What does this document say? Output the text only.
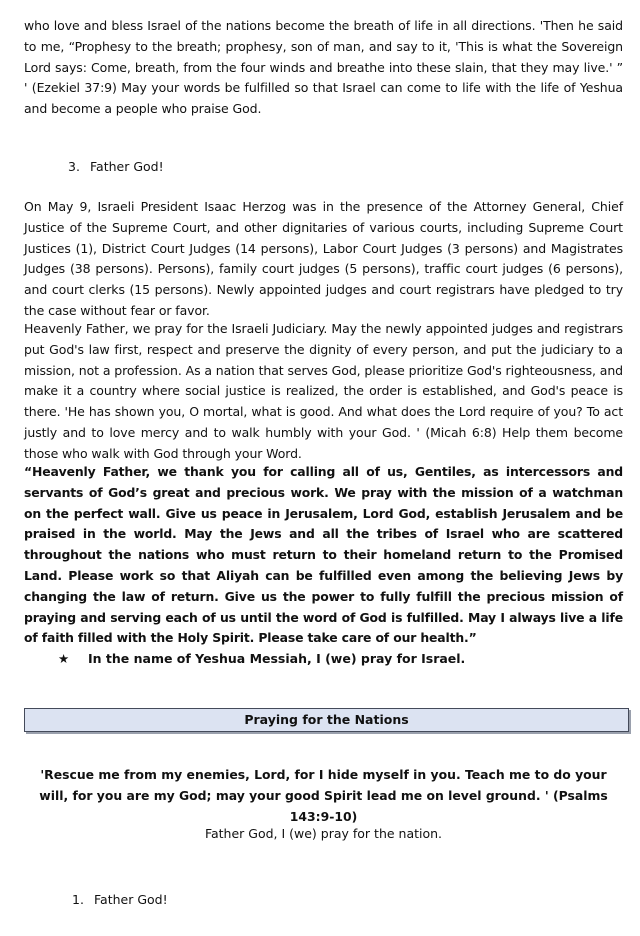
who love and bless Israel of the nations become the breath of life in all directions. 'Then he said to me, “Prophesy to the breath; prophesy, son of man, and say to it, 'This is what the Sovereign Lord says: Come, breath, from the four winds and breathe into these slain, that they may live.' ” ' (Ezekiel 37:9) May your words be fulfilled so that Israel can come to life with the life of Yeshua and become a people who praise God.

3. Father God!

On May 9, Israeli President Isaac Herzog was in the presence of the Attorney General, Chief Justice of the Supreme Court, and other dignitaries of various courts, including Supreme Court Justices (1), District Court Judges (14 persons), Labor Court Judges (3 persons) and Magistrates Judges (38 persons). Persons), family court judges (5 persons), traffic court judges (6 persons), and court clerks (15 persons). Newly appointed judges and court registrars have pledged to try the case without fear or favor.

Heavenly Father, we pray for the Israeli Judiciary. May the newly appointed judges and registrars put God's law first, respect and preserve the dignity of every person, and put the judiciary to a mission, not a profession. As a nation that serves God, please prioritize God's righteousness, and make it a country where social justice is realized, the order is established, and God's peace is there. 'He has shown you, O mortal, what is good. And what does the Lord require of you? To act justly and to love mercy and to walk humbly with your God. ' (Micah 6:8) Help them become those who walk with God through your Word.

“Heavenly Father, we thank you for calling all of us, Gentiles, as intercessors and servants of God’s great and precious work. We pray with the mission of a watchman on the perfect wall. Give us peace in Jerusalem, Lord God, establish Jerusalem and be praised in the world. May the Jews and all the tribes of Israel who are scattered throughout the nations who must return to their homeland return to the Promised Land. Please work so that Aliyah can be fulfilled even among the believing Jews by changing the law of return. Give us the power to fully fulfill the precious mission of praying and serving each of us until the word of God is fulfilled. May I always live a life of faith filled with the Holy Spirit. Please take care of our health.”

★ In the name of Yeshua Messiah, I (we) pray for Israel.
Praying for the Nations

'Rescue me from my enemies, Lord, for I hide myself in you. Teach me to do your will, for you are my God; may your good Spirit lead me on level ground. ' (Psalms 143:9-10)

Father God, I (we) pray for the nation.
1. Father God!
